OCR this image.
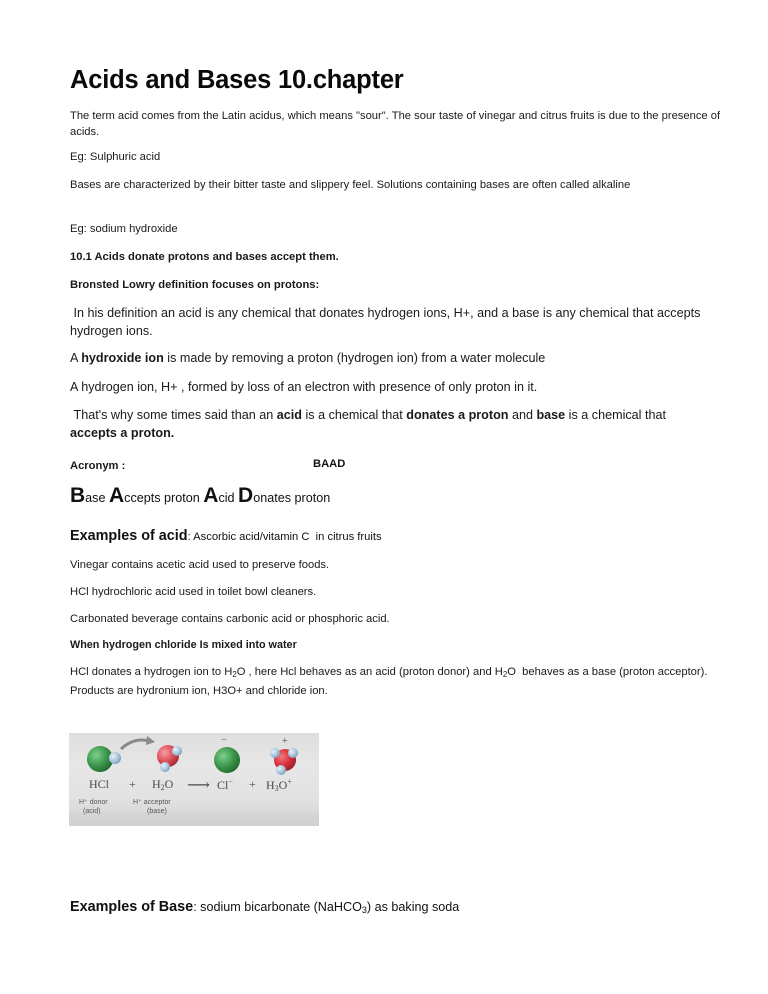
Acids and Bases 10.chapter

The term acid comes from the Latin acidus, which means "sour". The sour taste of vinegar and citrus fruits is due to the presence of acids.

Eg: Sulphuric acid

Bases are characterized by their bitter taste and slippery feel. Solutions containing bases are often called alkaline

Eg: sodium hydroxide

10.1 Acids donate protons and bases accept them.

Bronsted Lowry definition focuses on protons:

In his definition an acid is any chemical that donates hydrogen ions, H+, and a base is any chemical that accepts hydrogen ions.

A hydroxide ion is made by removing a proton (hydrogen ion) from a water molecule

A hydrogen ion, H+ , formed by loss of an electron with presence of only proton in it.

That's why some times said than an acid is a chemical that donates a proton and base is a chemical that accepts a proton.

Acronym :	BAAD

Base Accepts proton Acid Donates proton

Examples of acid: Ascorbic acid/vitamin C  in citrus fruits

Vinegar contains acetic acid used to preserve foods.

HCl hydrochloric acid used in toilet bowl cleaners.

Carbonated beverage contains carbonic acid or phosphoric acid.

When hydrogen chloride Is mixed into water

HCl donates a hydrogen ion to $H_2O$ , here Hcl behaves as an acid (proton donor) and $H_2O$  behaves as a base (proton acceptor). Products are hydronium ion, H3O+ and chloride ion.

−	+
HCl + H2O ⟶ Cl− + H3O+
H⁺ donor
(acid)
H⁺ acceptor
(base)

Examples of Base: sodium bicarbonate (NaHCO3) as baking soda
